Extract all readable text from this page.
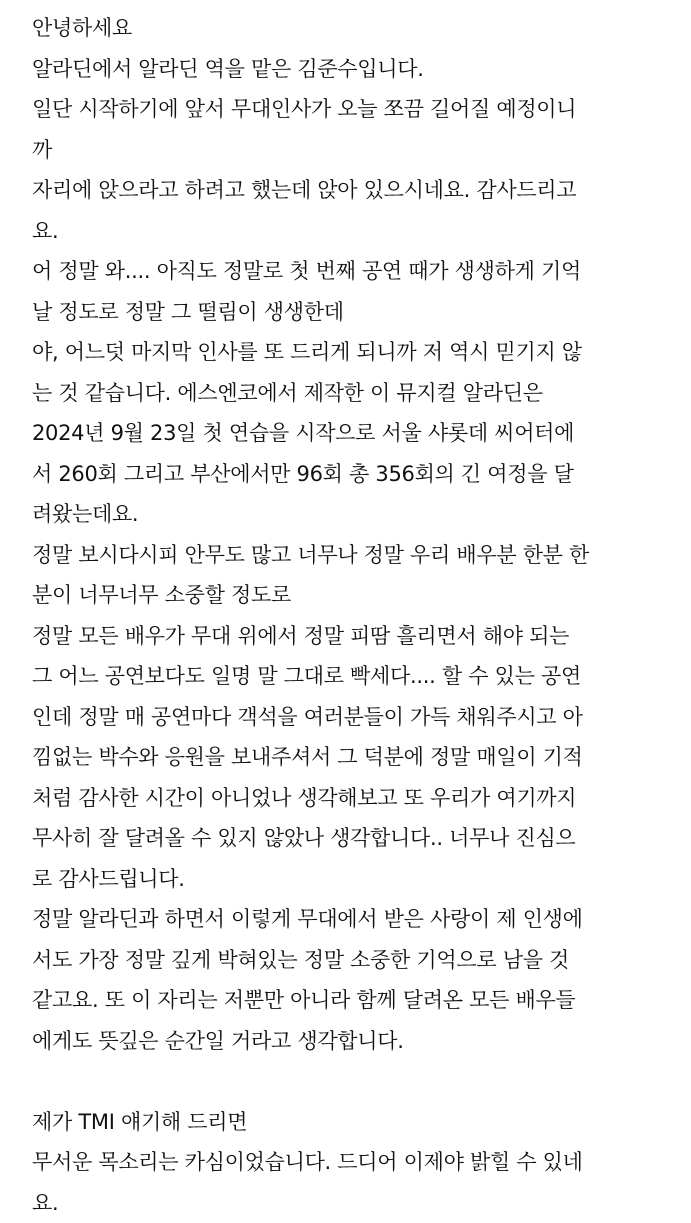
안녕하세요
알라딘에서 알라딘 역을 맡은 김준수입니다.
일단 시작하기에 앞서 무대인사가 오늘 쪼끔 길어질 예정이니
까
자리에 앉으라고 하려고 했는데 앉아 있으시네요. 감사드리고
요.
어 정말 와.... 아직도 정말로 첫 번째 공연 때가 생생하게 기억
날 정도로 정말 그 떨림이 생생한데
야, 어느덧 마지막 인사를 또 드리게 되니까 저 역시 믿기지 않
는 것 같습니다. 에스엔코에서 제작한 이 뮤지컬 알라딘은
2024년 9월 23일 첫 연습을 시작으로 서울 샤롯데 씨어터에
서 260회 그리고 부산에서만 96회 총 356회의 긴 여정을 달
려왔는데요.
정말 보시다시피 안무도 많고 너무나 정말 우리 배우분 한분 한
분이 너무너무 소중할 정도로
정말 모든 배우가 무대 위에서 정말 피땀 흘리면서 해야 되는
그 어느 공연보다도 일명 말 그대로 빡세다.... 할 수 있는 공연
인데 정말 매 공연마다 객석을 여러분들이 가득 채워주시고 아
낌없는 박수와 응원을 보내주셔서 그 덕분에 정말 매일이 기적
처럼 감사한 시간이 아니었나 생각해보고 또 우리가 여기까지
무사히 잘 달려올 수 있지 않았나 생각합니다.. 너무나 진심으
로 감사드립니다.
정말 알라딘과 하면서 이렇게 무대에서 받은 사랑이 제 인생에
서도 가장 정말 깊게 박혀있는 정말 소중한 기억으로 남을 것
같고요. 또 이 자리는 저뿐만 아니라 함께 달려온 모든 배우들
에게도 뜻깊은 순간일 거라고 생각합니다.
제가 TMI 얘기해 드리면
무서운 목소리는 카심이었습니다. 드디어 이제야 밝힐 수 있네
요.
